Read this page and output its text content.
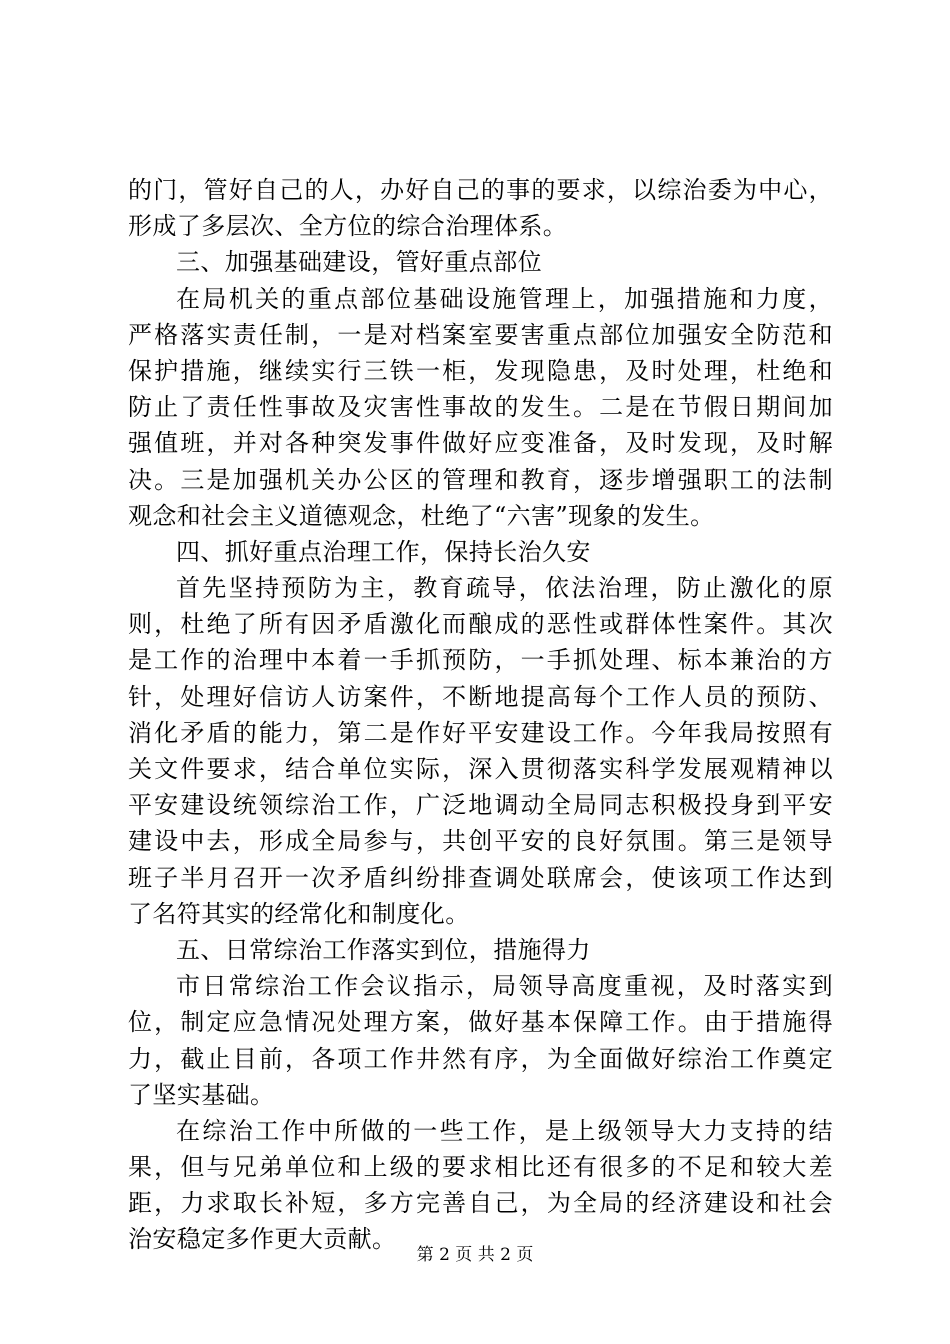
的门，管好自己的人，办好自己的事的要求，以综治委为中心，
形成了多层次、全方位的综合治理体系。
三、加强基础建设，管好重点部位
在局机关的重点部位基础设施管理上，加强措施和力度，
严格落实责任制，一是对档案室要害重点部位加强安全防范和
保护措施，继续实行三铁一柜，发现隐患，及时处理，杜绝和
防止了责任性事故及灾害性事故的发生。二是在节假日期间加
强值班，并对各种突发事件做好应变准备，及时发现，及时解
决。三是加强机关办公区的管理和教育，逐步增强职工的法制
观念和社会主义道德观念，杜绝了“六害”现象的发生。
四、抓好重点治理工作，保持长治久安
首先坚持预防为主，教育疏导，依法治理，防止激化的原
则，杜绝了所有因矛盾激化而酿成的恶性或群体性案件。其次
是工作的治理中本着一手抓预防，一手抓处理、标本兼治的方
针，处理好信访人访案件，不断地提高每个工作人员的预防、
消化矛盾的能力，第二是作好平安建设工作。今年我局按照有
关文件要求，结合单位实际，深入贯彻落实科学发展观精神以
平安建设统领综治工作，广泛地调动全局同志积极投身到平安
建设中去，形成全局参与，共创平安的良好氛围。第三是领导
班子半月召开一次矛盾纠纷排查调处联席会，使该项工作达到
了名符其实的经常化和制度化。
五、日常综治工作落实到位，措施得力
市日常综治工作会议指示，局领导高度重视，及时落实到
位，制定应急情况处理方案，做好基本保障工作。由于措施得
力，截止目前，各项工作井然有序，为全面做好综治工作奠定
了坚实基础。
在综治工作中所做的一些工作，是上级领导大力支持的结
果，但与兄弟单位和上级的要求相比还有很多的不足和较大差
距，力求取长补短，多方完善自己，为全局的经济建设和社会
治安稳定多作更大贡献。
第 2 页 共 2 页
